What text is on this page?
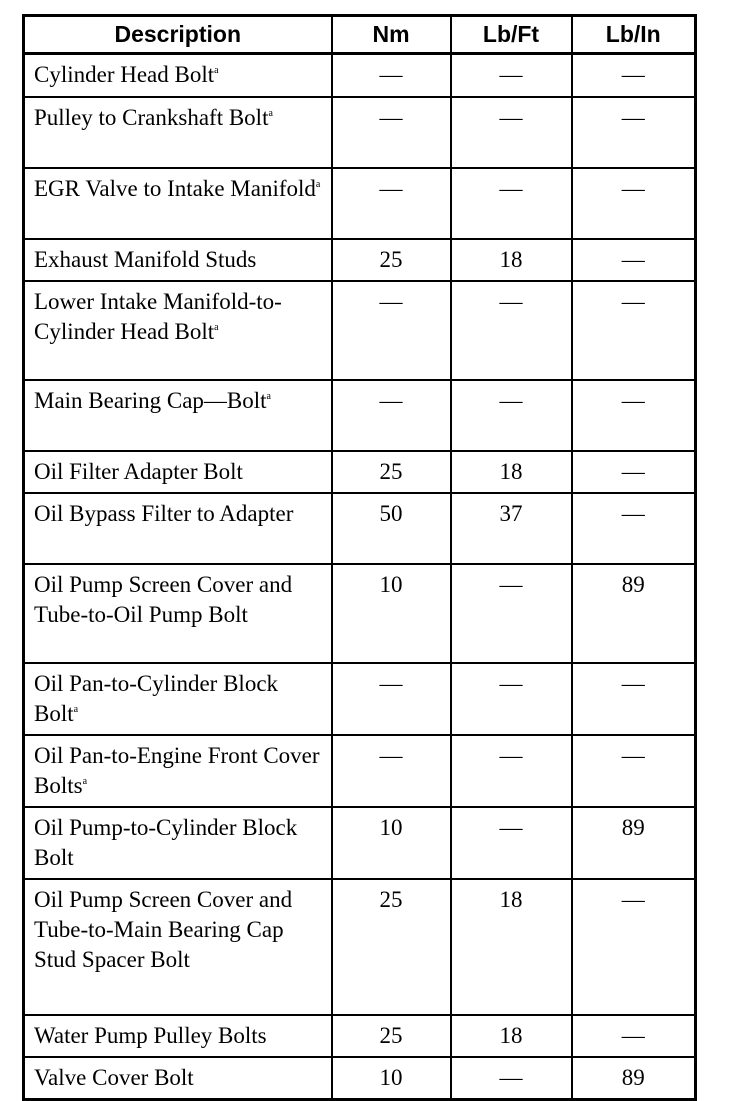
Description	Nm	Lb/Ft	Lb/In
Cylinder Head Bolt$^a$	—	—	—
Pulley to Crankshaft Bolt$^a$	—	—	—
EGR Valve to Intake Manifold$^a$	—	—	—
Exhaust Manifold Studs	25	18	—
Lower Intake Manifold-to-Cylinder Head Bolt$^a$	—	—	—
Main Bearing Cap—Bolt$^a$	—	—	—
Oil Filter Adapter Bolt	25	18	—
Oil Bypass Filter to Adapter	50	37	—
Oil Pump Screen Cover and Tube-to-Oil Pump Bolt	10	—	89
Oil Pan-to-Cylinder Block Bolt$^a$	—	—	—
Oil Pan-to-Engine Front Cover Bolts$^a$	—	—	—
Oil Pump-to-Cylinder Block Bolt	10	—	89
Oil Pump Screen Cover and Tube-to-Main Bearing Cap Stud Spacer Bolt	25	18	—
Water Pump Pulley Bolts	25	18	—
Valve Cover Bolt	10	—	89
